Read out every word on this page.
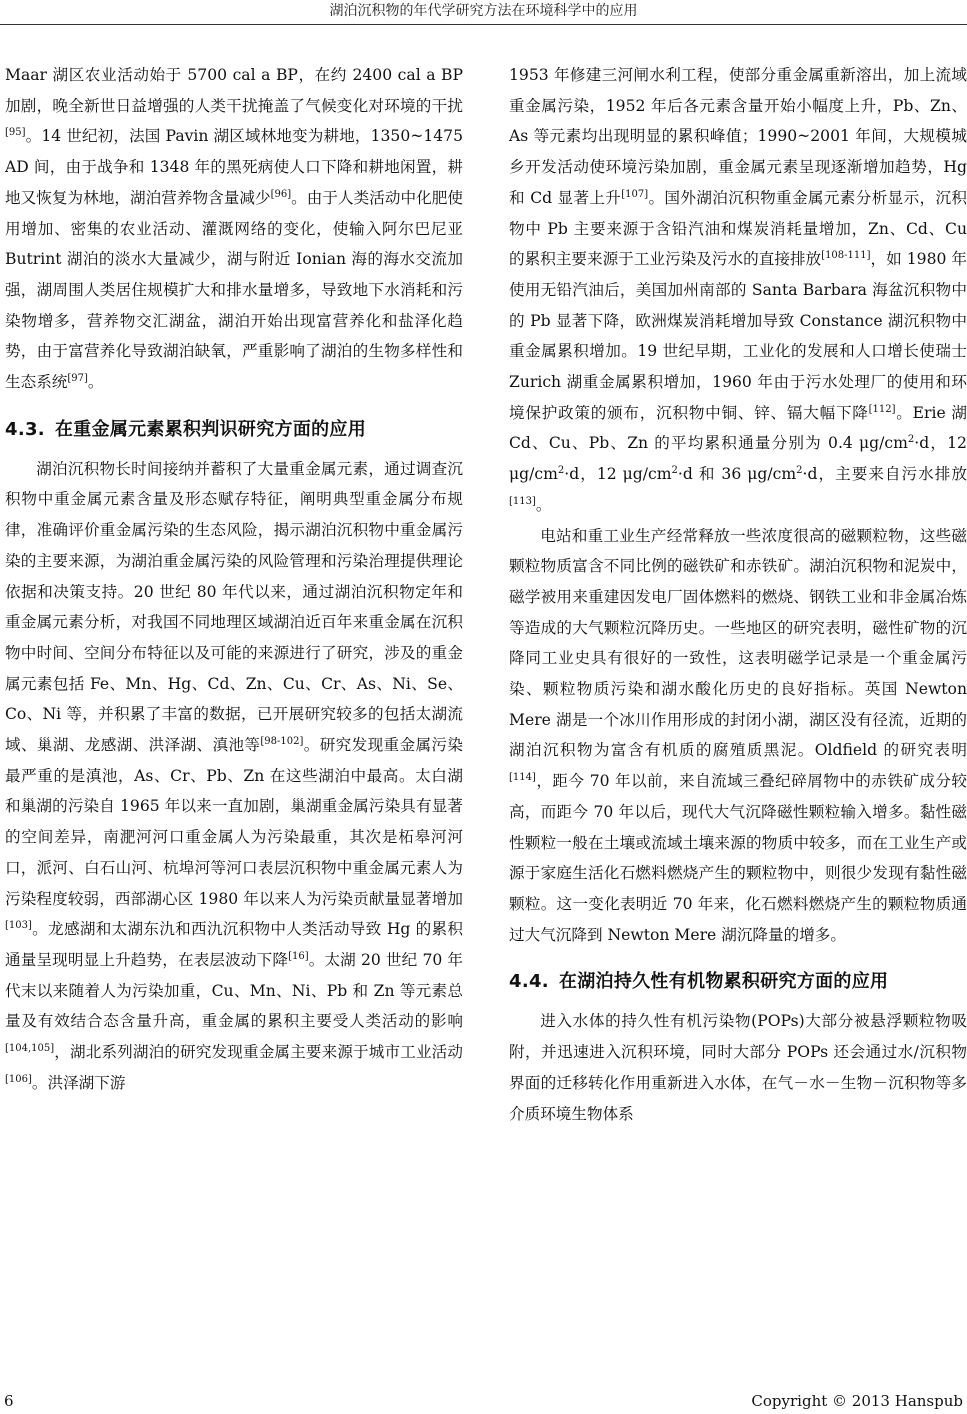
湖泊沉积物的年代学研究方法在环境科学中的应用

Maar 湖区农业活动始于 5700 cal a BP，在约 2400 cal a BP 加剧，晚全新世日益增强的人类干扰掩盖了气候变化对环境的干扰[95]。14 世纪初，法国 Pavin 湖区域林地变为耕地，1350~1475 AD 间，由于战争和 1348 年的黑死病使人口下降和耕地闲置，耕地又恢复为林地，湖泊营养物含量减少[96]。由于人类活动中化肥使用增加、密集的农业活动、灌溉网络的变化，使输入阿尔巴尼亚 Butrint 湖泊的淡水大量减少，湖与附近 Ionian 海的海水交流加强，湖周围人类居住规模扩大和排水量增多，导致地下水消耗和污染物增多，营养物交汇湖盆，湖泊开始出现富营养化和盐泽化趋势，由于富营养化导致湖泊缺氧，严重影响了湖泊的生物多样性和生态系统[97]。

4.3. 在重金属元素累积判识研究方面的应用

湖泊沉积物长时间接纳并蓄积了大量重金属元素，通过调查沉积物中重金属元素含量及形态赋存特征，阐明典型重金属分布规律，准确评价重金属污染的生态风险，揭示湖泊沉积物中重金属污染的主要来源，为湖泊重金属污染的风险管理和污染治理提供理论依据和决策支持。20 世纪 80 年代以来，通过湖泊沉积物定年和重金属元素分析，对我国不同地理区域湖泊近百年来重金属在沉积物中时间、空间分布特征以及可能的来源进行了研究，涉及的重金属元素包括 Fe、Mn、Hg、Cd、Zn、Cu、Cr、As、Ni、Se、Co、Ni 等，并积累了丰富的数据，已开展研究较多的包括太湖流域、巢湖、龙感湖、洪泽湖、滇池等[98-102]。研究发现重金属污染最严重的是滇池，As、Cr、Pb、Zn 在这些湖泊中最高。太白湖和巢湖的污染自 1965 年以来一直加剧，巢湖重金属污染具有显著的空间差异，南淝河河口重金属人为污染最重，其次是柘皋河河口，派河、白石山河、杭埠河等河口表层沉积物中重金属元素人为污染程度较弱，西部湖心区 1980 年以来人为污染贡献量显著增加[103]。龙感湖和太湖东氿和西氿沉积物中人类活动导致 Hg 的累积通量呈现明显上升趋势，在表层波动下降[16]。太湖 20 世纪 70 年代末以来随着人为污染加重，Cu、Mn、Ni、Pb 和 Zn 等元素总量及有效结合态含量升高，重金属的累积主要受人类活动的影响[104,105]，湖北系列湖泊的研究发现重金属主要来源于城市工业活动[106]。洪泽湖下游

1953 年修建三河闸水利工程，使部分重金属重新溶出，加上流域重金属污染，1952 年后各元素含量开始小幅度上升，Pb、Zn、As 等元素均出现明显的累积峰值；1990~2001 年间，大规模城乡开发活动使环境污染加剧，重金属元素呈现逐渐增加趋势，Hg 和 Cd 显著上升[107]。国外湖泊沉积物重金属元素分析显示，沉积物中 Pb 主要来源于含铅汽油和煤炭消耗量增加，Zn、Cd、Cu 的累积主要来源于工业污染及污水的直接排放[108-111]，如 1980 年使用无铅汽油后，美国加州南部的 Santa Barbara 海盆沉积物中的 Pb 显著下降，欧洲煤炭消耗增加导致 Constance 湖沉积物中重金属累积增加。19 世纪早期，工业化的发展和人口增长使瑞士 Zurich 湖重金属累积增加，1960 年由于污水处理厂的使用和环境保护政策的颁布，沉积物中铜、锌、镉大幅下降[112]。Erie 湖 Cd、Cu、Pb、Zn 的平均累积通量分别为 0.4 $\mu g/cm^2\cdot d$，12 $\mu g/cm^2\cdot d$，12 $\mu g/cm^2\cdot d$ 和 36 $\mu g/cm^2\cdot d$，主要来自污水排放[113]。

电站和重工业生产经常释放一些浓度很高的磁颗粒物，这些磁颗粒物质富含不同比例的磁铁矿和赤铁矿。湖泊沉积物和泥炭中，磁学被用来重建因发电厂固体燃料的燃烧、钢铁工业和非金属冶炼等造成的大气颗粒沉降历史。一些地区的研究表明，磁性矿物的沉降同工业史具有很好的一致性，这表明磁学记录是一个重金属污染、颗粒物质污染和湖水酸化历史的良好指标。英国 Newton Mere 湖是一个冰川作用形成的封闭小湖，湖区没有径流，近期的湖泊沉积物为富含有机质的腐殖质黑泥。Oldfield 的研究表明[114]，距今 70 年以前，来自流域三叠纪碎屑物中的赤铁矿成分较高，而距今 70 年以后，现代大气沉降磁性颗粒输入增多。黏性磁性颗粒一般在土壤或流域土壤来源的物质中较多，而在工业生产或源于家庭生活化石燃料燃烧产生的颗粒物中，则很少发现有黏性磁颗粒。这一变化表明近 70 年来，化石燃料燃烧产生的颗粒物质通过大气沉降到 Newton Mere 湖沉降量的增多。

4.4. 在湖泊持久性有机物累积研究方面的应用

进入水体的持久性有机污染物(POPs)大部分被悬浮颗粒物吸附，并迅速进入沉积环境，同时大部分 POPs 还会通过水/沉积物界面的迁移转化作用重新进入水体，在气－水－生物－沉积物等多介质环境生物体系

6	Copyright © 2013 Hanspub
